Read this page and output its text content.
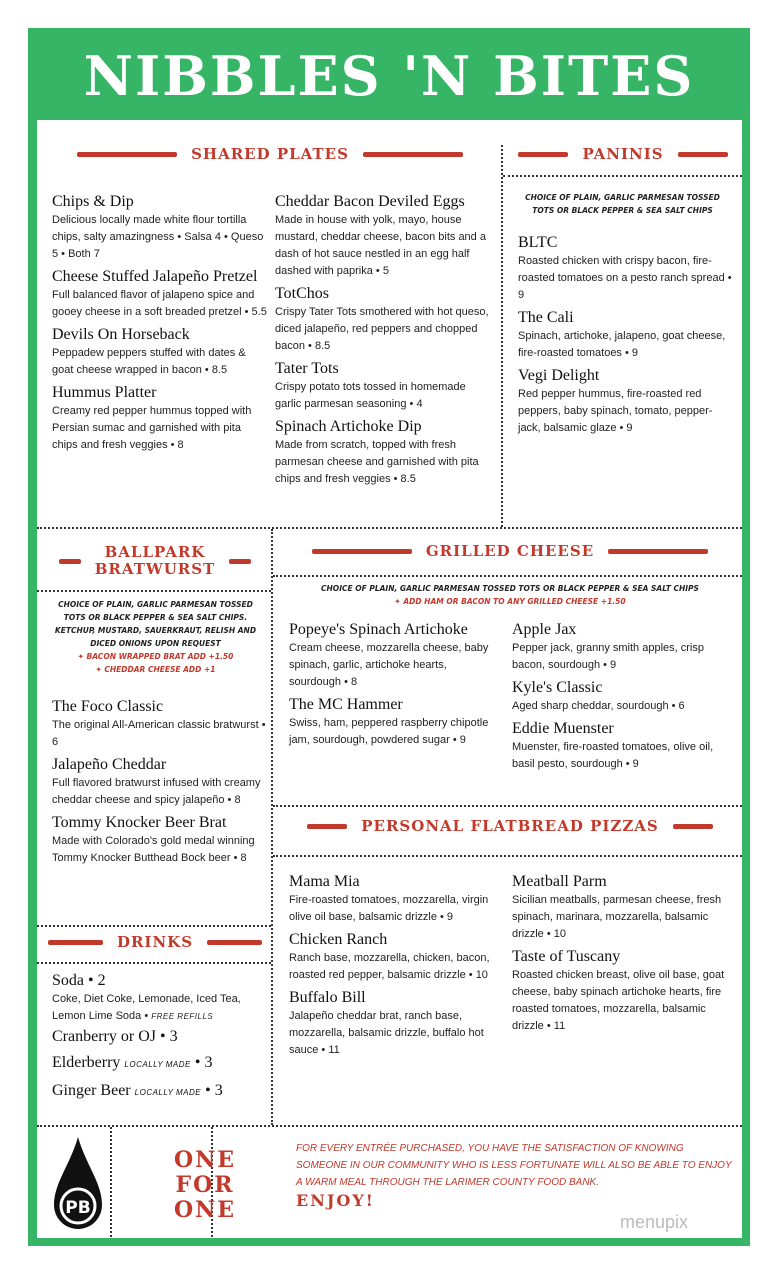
NIBBLES 'N BITES
SHARED PLATES	PANINIS
BALLPARK
BRATWURST
GRILLED CHEESE
PERSONAL FLATBREAD PIZZAS
DRINKS
CHOICE OF PLAIN, GARLIC PARMESAN TOSSED TOTS OR BLACK PEPPER & SEA SALT CHIPS
CHOICE OF PLAIN, GARLIC PARMESAN TOSSED TOTS OR BLACK PEPPER & SEA SALT CHIPS. KETCHUP, MUSTARD, SAUERKRAUT, RELISH AND DICED ONIONS UPON REQUEST
✦ BACON WRAPPED BRAT ADD +1.50
✦ CHEDDAR CHEESE ADD +1
CHOICE OF PLAIN, GARLIC PARMESAN TOSSED TOTS OR BLACK PEPPER & SEA SALT CHIPS
✦ ADD HAM OR BACON TO ANY GRILLED CHEESE +1.50
Chips & Dip
Delicious locally made white flour tortilla chips, salty amazingness • Salsa 4 • Queso 5 • Both 7
Cheese Stuffed Jalapeño Pretzel
Full balanced flavor of jalapeno spice and gooey cheese in a soft breaded pretzel • 5.5
Devils On Horseback
Peppadew peppers stuffed with dates & goat cheese wrapped in bacon • 8.5
Hummus Platter
Creamy red pepper hummus topped with Persian sumac and garnished with pita chips and fresh veggies • 8
Cheddar Bacon Deviled Eggs
Made in house with yolk, mayo, house mustard, cheddar cheese, bacon bits and a dash of hot sauce nestled in an egg half dashed with paprika • 5
TotChos
Crispy Tater Tots smothered with hot queso, diced jalapeño, red peppers and chopped bacon • 8.5
Tater Tots
Crispy potato tots tossed in homemade garlic parmesan seasoning • 4
Spinach Artichoke Dip
Made from scratch, topped with fresh parmesan cheese and garnished with pita chips and fresh veggies • 8.5
BLTC
Roasted chicken with crispy bacon, fire-roasted tomatoes on a pesto ranch spread • 9
The Cali
Spinach, artichoke, jalapeno, goat cheese, fire-roasted tomatoes • 9
Vegi Delight
Red pepper hummus, fire-roasted red peppers, baby spinach, tomato, pepper-jack, balsamic glaze • 9
The Foco Classic
The original All-American classic bratwurst • 6
Jalapeño Cheddar
Full flavored bratwurst infused with creamy cheddar cheese and spicy jalapeño • 8
Tommy Knocker Beer Brat
Made with Colorado's gold medal winning Tommy Knocker Butthead Bock beer • 8
Popeye's Spinach Artichoke
Cream cheese, mozzarella cheese, baby spinach, garlic, artichoke hearts, sourdough • 8
The MC Hammer
Swiss, ham, peppered raspberry chipotle jam, sourdough, powdered sugar • 9
Apple Jax
Pepper jack, granny smith apples, crisp bacon, sourdough • 9
Kyle's Classic
Aged sharp cheddar, sourdough • 6
Eddie Muenster
Muenster, fire-roasted tomatoes, olive oil, basil pesto, sourdough • 9
Mama Mia
Fire-roasted tomatoes, mozzarella, virgin olive oil base, balsamic drizzle • 9
Chicken Ranch
Ranch base, mozzarella, chicken, bacon, roasted red pepper, balsamic drizzle • 10
Buffalo Bill
Jalapeño cheddar brat, ranch base, mozzarella, balsamic drizzle, buffalo hot sauce • 11
Meatball Parm
Sicilian meatballs, parmesan cheese, fresh spinach, marinara, mozzarella, balsamic drizzle • 10
Taste of Tuscany
Roasted chicken breast, olive oil base, goat cheese, baby spinach artichoke hearts, fire roasted tomatoes, mozzarella, balsamic drizzle • 11
Soda • 2
Coke, Diet Coke, Lemonade, Iced Tea, Lemon Lime Soda • FREE REFILLS
Cranberry or OJ • 3
Elderberry LOCALLY MADE • 3
Ginger Beer LOCALLY MADE • 3
PB
ONE
FOR
ONE
FOR EVERY ENTRÉE PURCHASED, YOU HAVE THE SATISFACTION OF KNOWING SOMEONE IN OUR COMMUNITY WHO IS LESS FORTUNATE WILL ALSO BE ABLE TO ENJOY A WARM MEAL THROUGH THE LARIMER COUNTY FOOD BANK.
ENJOY!
menupix
